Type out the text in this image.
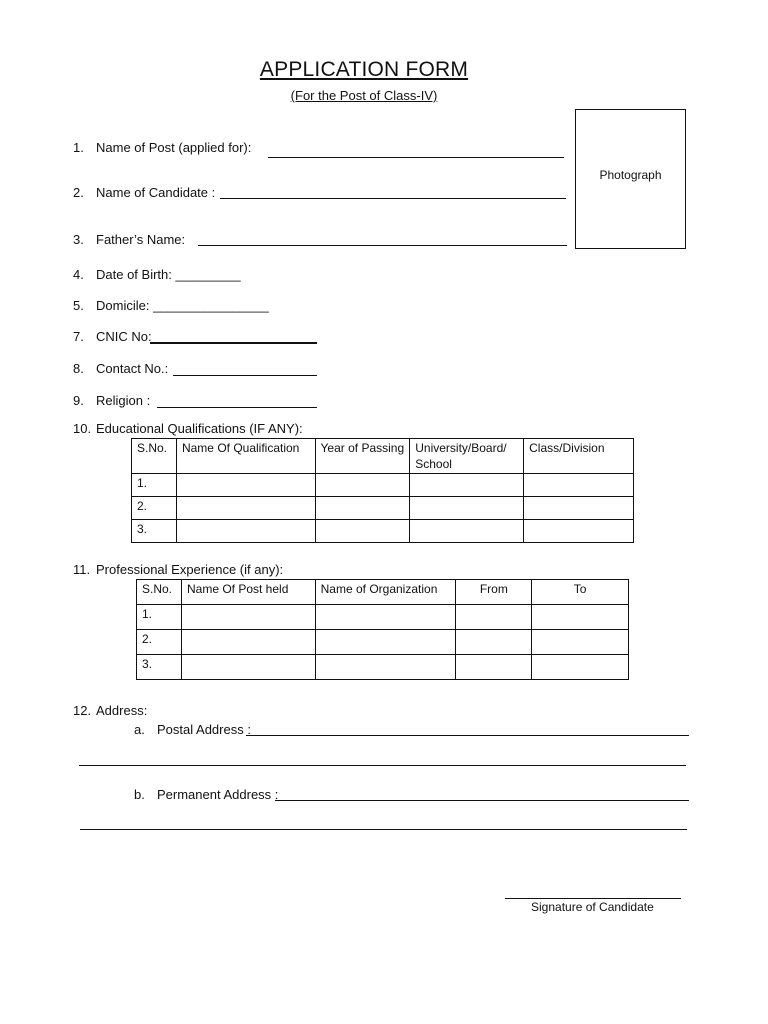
APPLICATION FORM
(For the Post of Class-IV)
Photograph
1. Name of Post (applied for):
2. Name of Candidate :
3. Father’s Name:
4. Date of Birth: _________
5. Domicile: ________________
7. CNIC No:
8. Contact No.:
9. Religion :
10. Educational Qualifications (IF ANY):
S.No.	Name Of Qualification	Year of Passing	University/Board/ School	Class/Division
1.				
2.				
3.				
11. Professional Experience (if any):
S.No.	Name Of Post held	Name of Organization	From	To
1.				
2.				
3.				
12. Address:
a. Postal Address :
b. Permanent Address :
Signature of Candidate
